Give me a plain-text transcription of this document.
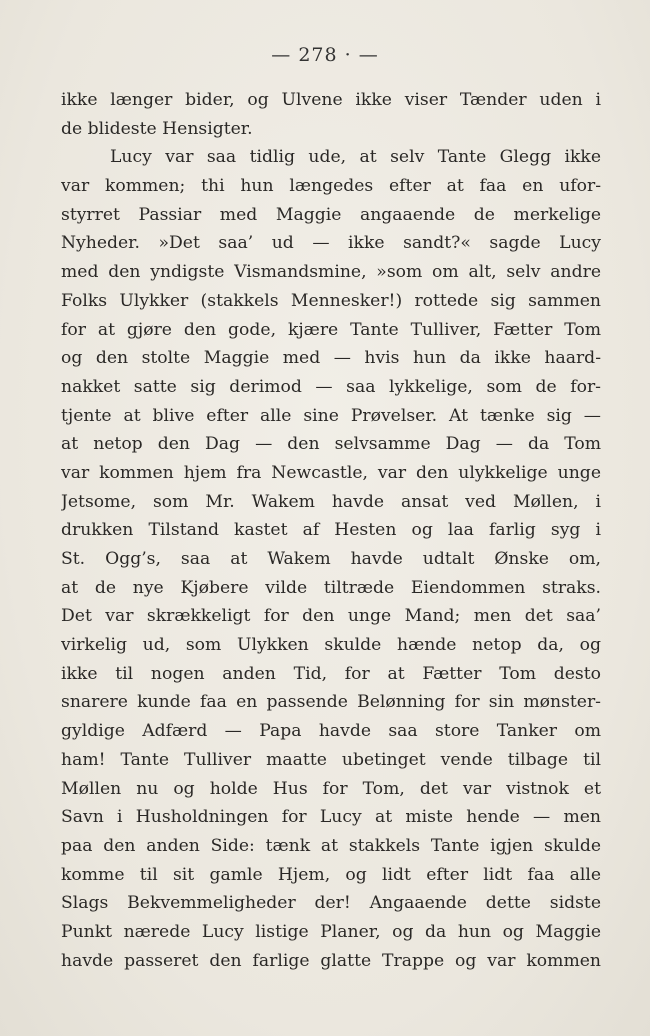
— 278 · —
ikke længer bider, og Ulvene ikke viser Tænder uden i
de blideste Hensigter.
Lucy var saa tidlig ude, at selv Tante Glegg ikke
var kommen; thi hun længedes efter at faa en ufor-
styrret Passiar med Maggie angaaende de merkelige
Nyheder. »Det saa’ ud — ikke sandt?« sagde Lucy
med den yndigste Vismandsmine, »som om alt, selv andre
Folks Ulykker (stakkels Mennesker!) rottede sig sammen
for at gjøre den gode, kjære Tante Tulliver, Fætter Tom
og den stolte Maggie med — hvis hun da ikke haard-
nakket satte sig derimod — saa lykkelige, som de for-
tjente at blive efter alle sine Prøvelser. At tænke sig —
at netop den Dag — den selvsamme Dag — da Tom
var kommen hjem fra Newcastle, var den ulykkelige unge
Jetsome, som Mr. Wakem havde ansat ved Møllen, i
drukken Tilstand kastet af Hesten og laa farlig syg i
St. Ogg’s, saa at Wakem havde udtalt Ønske om,
at de nye Kjøbere vilde tiltræde Eiendommen straks.
Det var skrækkeligt for den unge Mand; men det saa’
virkelig ud, som Ulykken skulde hænde netop da, og
ikke til nogen anden Tid, for at Fætter Tom desto
snarere kunde faa en passende Belønning for sin mønster-
gyldige Adfærd — Papa havde saa store Tanker om
ham! Tante Tulliver maatte ubetinget vende tilbage til
Møllen nu og holde Hus for Tom, det var vistnok et
Savn i Husholdningen for Lucy at miste hende — men
paa den anden Side: tænk at stakkels Tante igjen skulde
komme til sit gamle Hjem, og lidt efter lidt faa alle
Slags Bekvemmeligheder der! Angaaende dette sidste
Punkt nærede Lucy listige Planer, og da hun og Maggie
havde passeret den farlige glatte Trappe og var kommen
